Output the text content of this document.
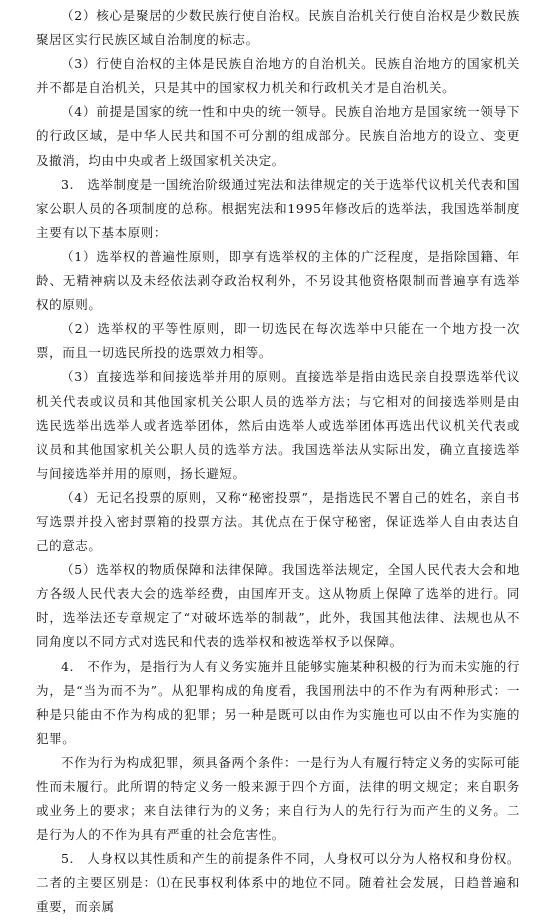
（2）核心是聚居的少数民族行使自治权。民族自治机关行使自治权是少数民族聚居区实行民族区域自治制度的标志。

（3）行使自治权的主体是民族自治地方的自治机关。民族自治地方的国家机关并不都是自治机关，只是其中的国家权力机关和行政机关才是自治机关。

（4）前提是国家的统一性和中央的统一领导。民族自治地方是国家统一领导下的行政区域，是中华人民共和国不可分割的组成部分。民族自治地方的设立、变更及撤消，均由中央或者上级国家机关决定。

3.　选举制度是一国统治阶级通过宪法和法律规定的关于选举代议机关代表和国家公职人员的各项制度的总称。根据宪法和1995年修改后的选举法，我国选举制度主要有以下基本原则：

（1）选举权的普遍性原则，即享有选举权的主体的广泛程度，是指除国籍、年龄、无精神病以及未经依法剥夺政治权利外，不另设其他资格限制而普遍享有选举权的原则。

（2）选举权的平等性原则，即一切选民在每次选举中只能在一个地方投一次票，而且一切选民所投的选票效力相等。

（3）直接选举和间接选举并用的原则。直接选举是指由选民亲自投票选举代议机关代表或议员和其他国家机关公职人员的选举方法；与它相对的间接选举则是由选民选举出选举人或者选举团体，然后由选举人或选举团体再选出代议机关代表或议员和其他国家机关公职人员的选举方法。我国选举法从实际出发，确立直接选举与间接选举并用的原则，扬长避短。

（4）无记名投票的原则，又称“秘密投票”，是指选民不署自己的姓名，亲自书写选票并投入密封票箱的投票方法。其优点在于保守秘密，保证选举人自由表达自己的意志。

（5）选举权的物质保障和法律保障。我国选举法规定，全国人民代表大会和地方各级人民代表大会的选举经费，由国库开支。这从物质上保障了选举的进行。同时，选举法还专章规定了“对破坏选举的制裁”，此外，我国其他法律、法规也从不同角度以不同方式对选民和代表的选举权和被选举权予以保障。

4.　不作为，是指行为人有义务实施并且能够实施某种积极的行为而未实施的行为，是“当为而不为”。从犯罪构成的角度看，我国刑法中的不作为有两种形式：一种是只能由不作为构成的犯罪；另一种是既可以由作为实施也可以由不作为实施的犯罪。

不作为行为构成犯罪，须具备两个条件：一是行为人有履行特定义务的实际可能性而未履行。此所谓的特定义务一般来源于四个方面，法律的明文规定；来自职务或业务上的要求；来自法律行为的义务；来自行为人的先行行为而产生的义务。二是行为人的不作为具有严重的社会危害性。

5.　人身权以其性质和产生的前提条件不同，人身权可以分为人格权和身份权。二者的主要区别是：⑴在民事权利体系中的地位不同。随着社会发展，日趋普遍和重要，而亲属
